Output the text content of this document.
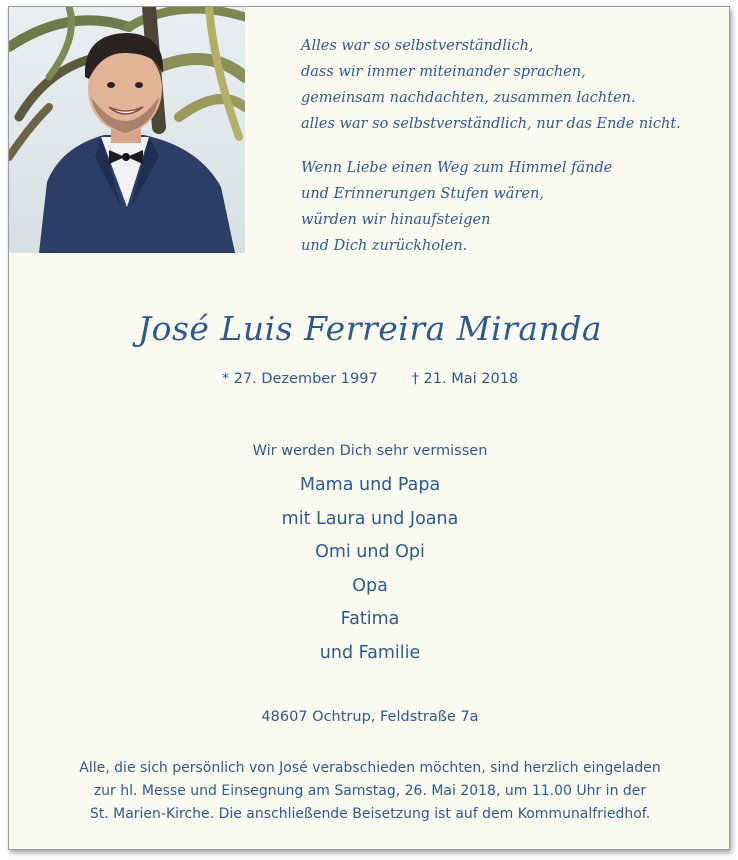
Alles war so selbstverständlich,
dass wir immer miteinander sprachen,
gemeinsam nachdachten, zusammen lachten.
alles war so selbstverständlich, nur das Ende nicht.
Wenn Liebe einen Weg zum Himmel fände
und Erinnerungen Stufen wären,
würden wir hinaufsteigen
und Dich zurückholen.
José Luis Ferreira Miranda
* 27. Dezember 1997 † 21. Mai 2018
Wir werden Dich sehr vermissen
Mama und Papa
mit Laura und Joana
Omi und Opi
Opa
Fatima
und Familie
48607 Ochtrup, Feldstraße 7a
Alle, die sich persönlich von José verabschieden möchten, sind herzlich eingeladen
zur hl. Messe und Einsegnung am Samstag, 26. Mai 2018, um 11.00 Uhr in der
St. Marien-Kirche. Die anschließende Beisetzung ist auf dem Kommunalfriedhof.
